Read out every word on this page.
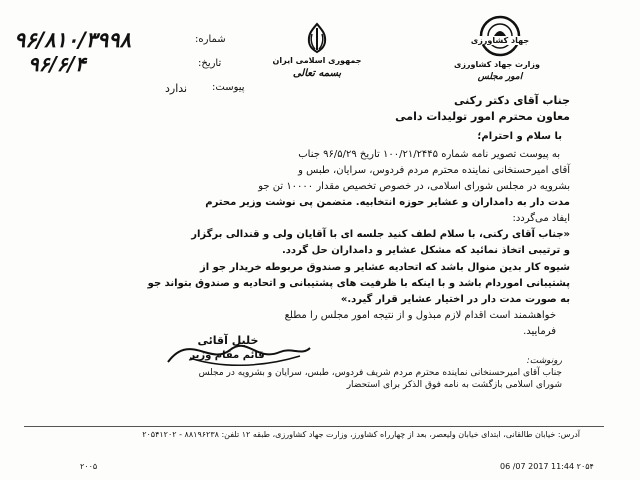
۹۶/۸۱۰/۳۹۹۸	شماره:
۹۶/۶/۴	تاریخ:
ندارد پیوست:
جمهوری اسلامی ایران
بسمه تعالی
جهاد کشاورزی
وزارت جهاد کشاورزی
امور مجلس
جناب آقای دکتر رکنی
معاون محترم امور تولیدات دامی
با سلام و احترام؛
به پیوست تصویر نامه شماره ۱۰۰/۲۱/۲۴۴۵ تاریخ ۹۶/۵/۲۹ جناب
آقای امیرحسنخانی نماینده محترم مردم فردوس، سرایان، طبس و
بشرویه در مجلس شورای اسلامی، در خصوص تخصیص مقدار ۱۰۰۰۰ تن جو
مدت دار به دامداران و عشایر حوزه انتخابیه. متضمن پی نوشت وزیر محترم
ایفاد می‌گردد:
«جناب آقای رکنی، با سلام لطف کنید جلسه ای با آقایان ولی و قندالی برگزار
و ترتیبی اتخاذ نمائید که مشکل عشایر و دامداران حل گردد.
شیوه کار بدین منوال باشد که اتحادیه عشایر و صندوق مربوطه خریدار جو از
پشتیبانی اموردام باشد و با اینکه با ظرفیت های پشتیبانی و اتحادیه و صندوق بتواند جو
به صورت مدت دار در اختیار عشایر قرار گیرد.»
خواهشمند است اقدام لازم مبذول و از نتیجه امور مجلس را مطلع
فرمایید.
خلیل آقائی
قائم مقام وزیر	رونوشت:
جناب آقای امیرحسنخانی نماینده محترم مردم شریف فردوس، طبس، سرایان و بشرویه در مجلس
شورای اسلامی بازگشت به نامه فوق الذکر برای استحضار
آدرس: خیابان طالقانی، ابتدای خیابان ولیعصر، بعد از چهارراه کشاورز، وزارت جهاد کشاورزی، طبقه ۱۲ تلفن: ۸۸۱۹۶۲۳۸ - ۲۰۵۴۱۲۰۲
۲۰۰۵	06 /07 2017 11:44 ۲۰۵۴
